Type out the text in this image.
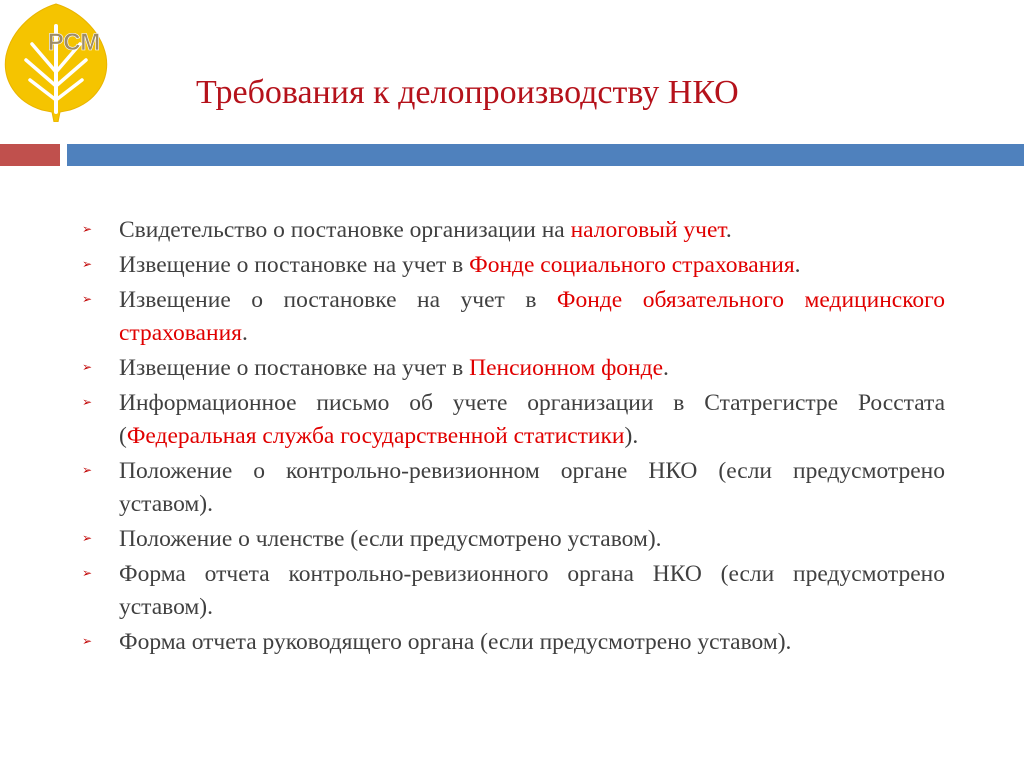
РСМ
Требования к делопроизводству НКО
➢ Свидетельство о постановке организации на налоговый учет.
➢ Извещение о постановке на учет в Фонде социального страхования.
➢ Извещение о постановке на учет в Фонде обязательного медицинского страхования.
➢ Извещение о постановке на учет в Пенсионном фонде.
➢ Информационное письмо об учете организации в Статрегистре Росстата (Федеральная служба государственной статистики).
➢ Положение о контрольно-ревизионном органе НКО (если предусмотрено уставом).
➢ Положение о членстве (если предусмотрено уставом).
➢ Форма отчета контрольно-ревизионного органа НКО (если предусмотрено уставом).
➢ Форма отчета руководящего органа (если предусмотрено уставом).
